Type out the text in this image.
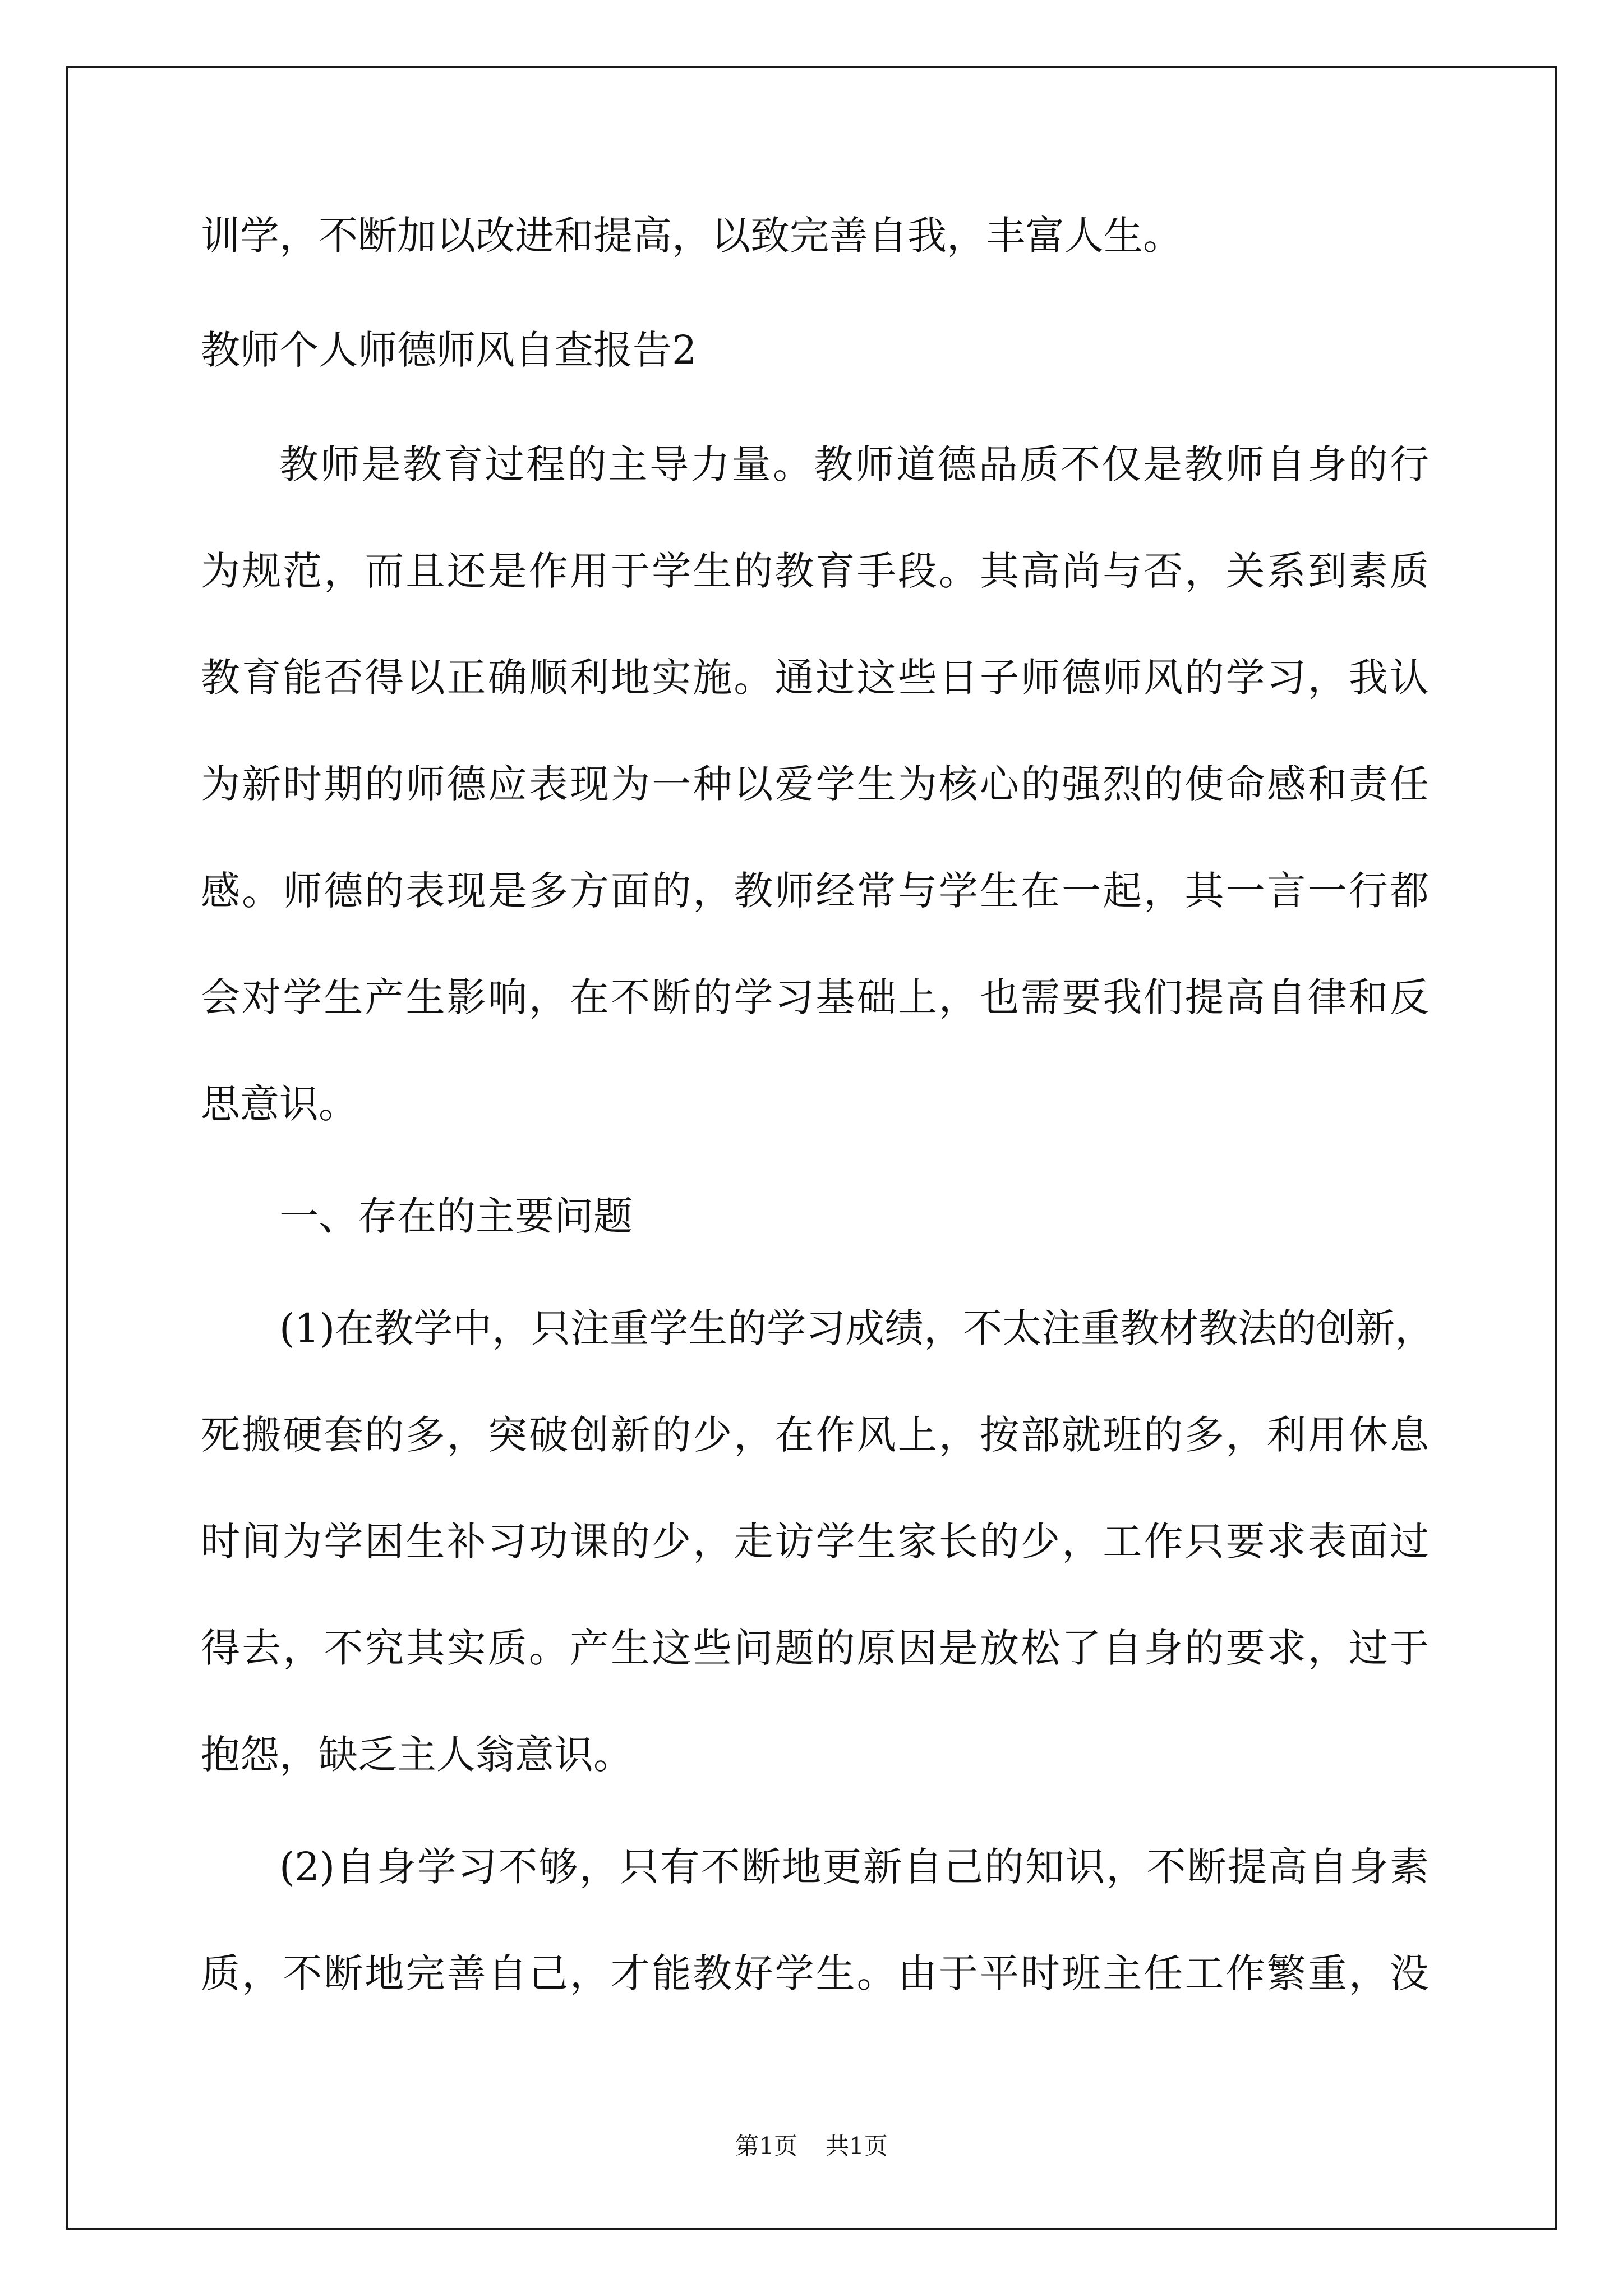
训学，不断加以改进和提高，以致完善自我，丰富人生。
教师个人师德师风自查报告2
教师是教育过程的主导力量。教师道德品质不仅是教师自身的行
为规范，而且还是作用于学生的教育手段。其高尚与否，关系到素质
教育能否得以正确顺利地实施。通过这些日子师德师风的学习，我认
为新时期的师德应表现为一种以爱学生为核心的强烈的使命感和责任
感。师德的表现是多方面的，教师经常与学生在一起，其一言一行都
会对学生产生影响，在不断的学习基础上，也需要我们提高自律和反
思意识。
一、存在的主要问题
(1)在教学中，只注重学生的学习成绩，不太注重教材教法的创新，
死搬硬套的多，突破创新的少，在作风上，按部就班的多，利用休息
时间为学困生补习功课的少，走访学生家长的少，工作只要求表面过
得去，不究其实质。产生这些问题的原因是放松了自身的要求，过于
抱怨，缺乏主人翁意识。
(2)自身学习不够，只有不断地更新自己的知识，不断提高自身素
质，不断地完善自己，才能教好学生。由于平时班主任工作繁重，没
第1页 共1页
